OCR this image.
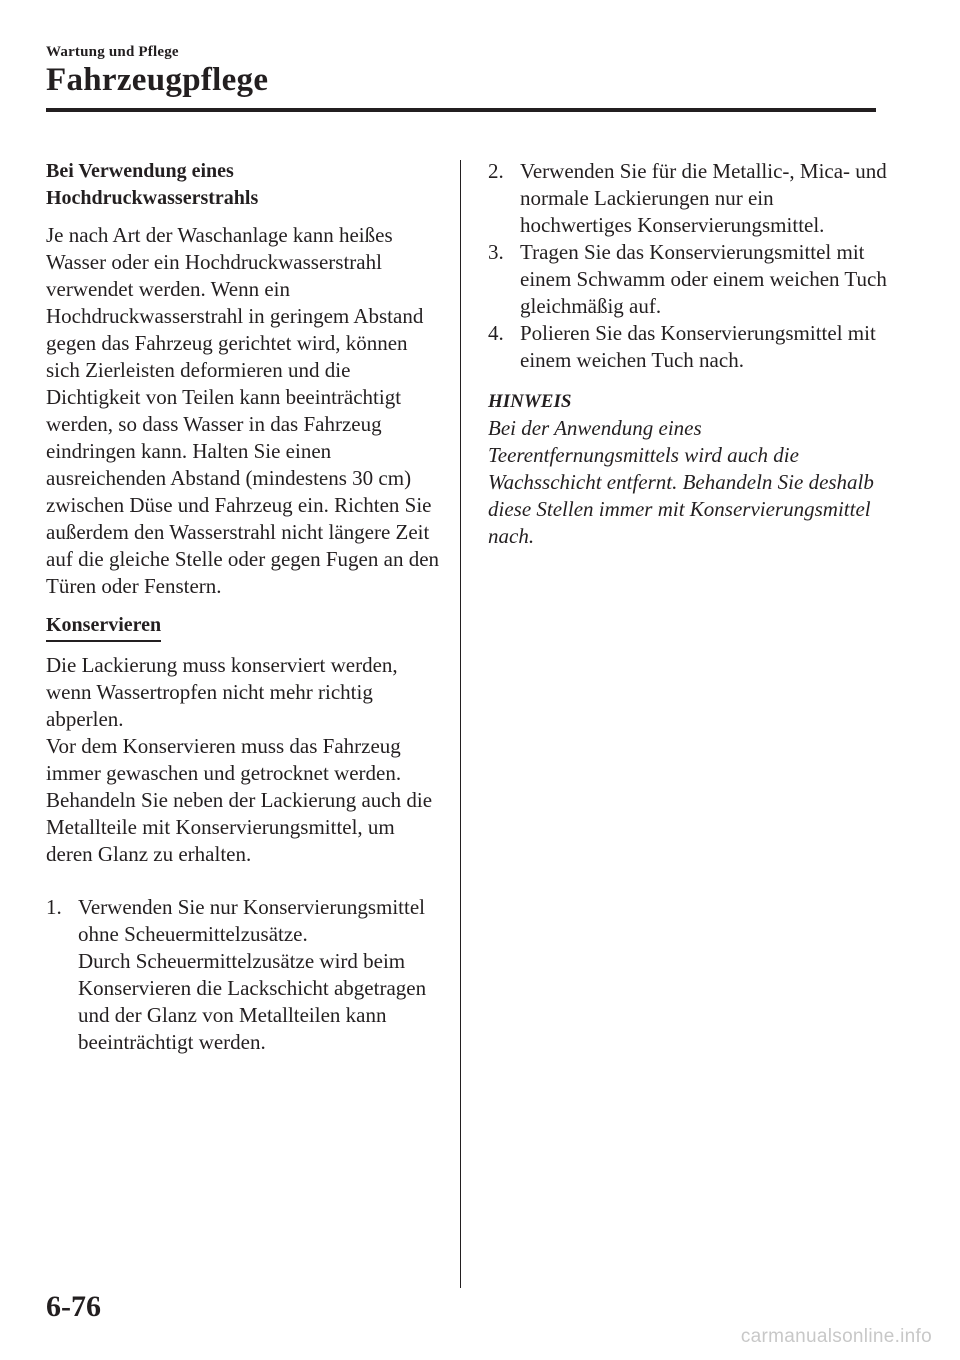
Wartung und Pflege
Fahrzeugpflege
Bei Verwendung eines
Hochdruckwasserstrahls

Je nach Art der Waschanlage kann heißes Wasser oder ein Hochdruckwasserstrahl verwendet werden. Wenn ein Hochdruckwasserstrahl in geringem Abstand gegen das Fahrzeug gerichtet wird, können sich Zierleisten deformieren und die Dichtigkeit von Teilen kann beeinträchtigt werden, so dass Wasser in das Fahrzeug eindringen kann. Halten Sie einen ausreichenden Abstand (mindestens 30 cm) zwischen Düse und Fahrzeug ein. Richten Sie außerdem den Wasserstrahl nicht längere Zeit auf die gleiche Stelle oder gegen Fugen an den Türen oder Fenstern.

Konservieren

Die Lackierung muss konserviert werden, wenn Wassertropfen nicht mehr richtig abperlen.

Vor dem Konservieren muss das Fahrzeug immer gewaschen und getrocknet werden. Behandeln Sie neben der Lackierung auch die Metallteile mit Konservierungsmittel, um deren Glanz zu erhalten.

1. Verwenden Sie nur Konservierungsmittel ohne Scheuermittelzusätze.

Durch Scheuermittelzusätze wird beim Konservieren die Lackschicht abgetragen und der Glanz von Metallteilen kann beeinträchtigt werden.

2. Verwenden Sie für die Metallic-, Mica- und normale Lackierungen nur ein hochwertiges Konservierungsmittel.

3. Tragen Sie das Konservierungsmittel mit einem Schwamm oder einem weichen Tuch gleichmäßig auf.

4. Polieren Sie das Konservierungsmittel mit einem weichen Tuch nach.

HINWEIS

Bei der Anwendung eines Teerentfernungsmittels wird auch die Wachsschicht entfernt. Behandeln Sie deshalb diese Stellen immer mit Konservierungsmittel nach.

6-76
carmanualsonline.info
